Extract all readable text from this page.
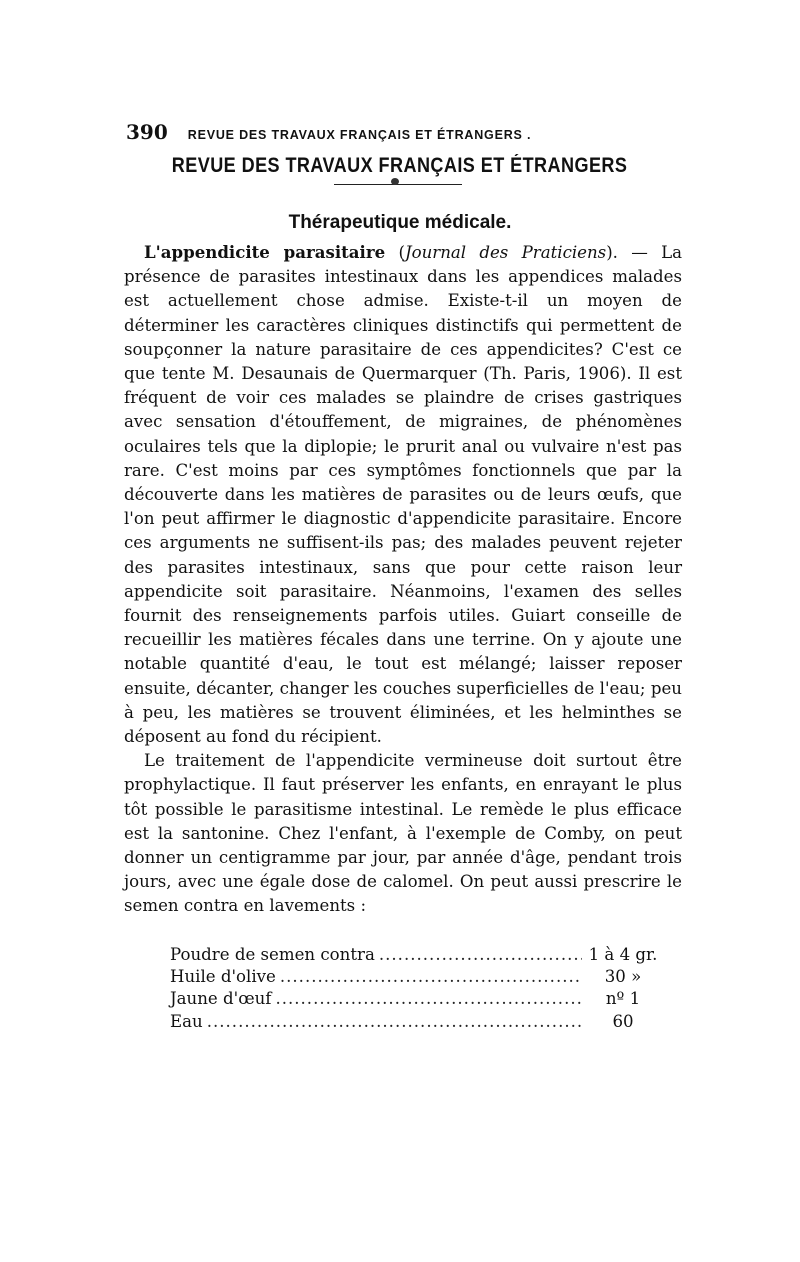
390 REVUE DES TRAVAUX FRANÇAIS ET ÉTRANGERS .
REVUE DES TRAVAUX FRANÇAIS ET ÉTRANGERS
Thérapeutique médicale.

L'appendicite parasitaire (Journal des Praticiens). — La présence de parasites intestinaux dans les appendices malades est actuellement chose admise. Existe-t-il un moyen de déterminer les caractères cliniques distinctifs qui permettent de soupçonner la nature parasitaire de ces appendicites? C'est ce que tente M. Desaunais de Quermarquer (Th. Paris, 1906). Il est fréquent de voir ces malades se plaindre de crises gastriques avec sensation d'étouffement, de migraines, de phénomènes oculaires tels que la diplopie; le prurit anal ou vulvaire n'est pas rare. C'est moins par ces symptômes fonctionnels que par la découverte dans les matières de parasites ou de leurs œufs, que l'on peut affirmer le diagnostic d'appendicite parasitaire. Encore ces arguments ne suffisent-ils pas; des malades peuvent rejeter des parasites intestinaux, sans que pour cette raison leur appendicite soit parasitaire. Néanmoins, l'examen des selles fournit des renseignements parfois utiles. Guiart conseille de recueillir les matières fécales dans une terrine. On y ajoute une notable quantité d'eau, le tout est mélangé; laisser reposer ensuite, décanter, changer les couches superficielles de l'eau; peu à peu, les matières se trouvent éliminées, et les helminthes se déposent au fond du récipient.

Le traitement de l'appendicite vermineuse doit surtout être prophylactique. Il faut préserver les enfants, en enrayant le plus tôt possible le parasitisme intestinal. Le remède le plus efficace est la santonine. Chez l'enfant, à l'exemple de Comby, on peut donner un centigramme par jour, par année d'âge, pendant trois jours, avec une égale dose de calomel. On peut aussi prescrire le semen contra en lavements :

Poudre de semen contra .....	1 à 4 gr.
Huile d'olive .....	30 »
Jaune d'œuf .....	nº 1
Eau .....	60
